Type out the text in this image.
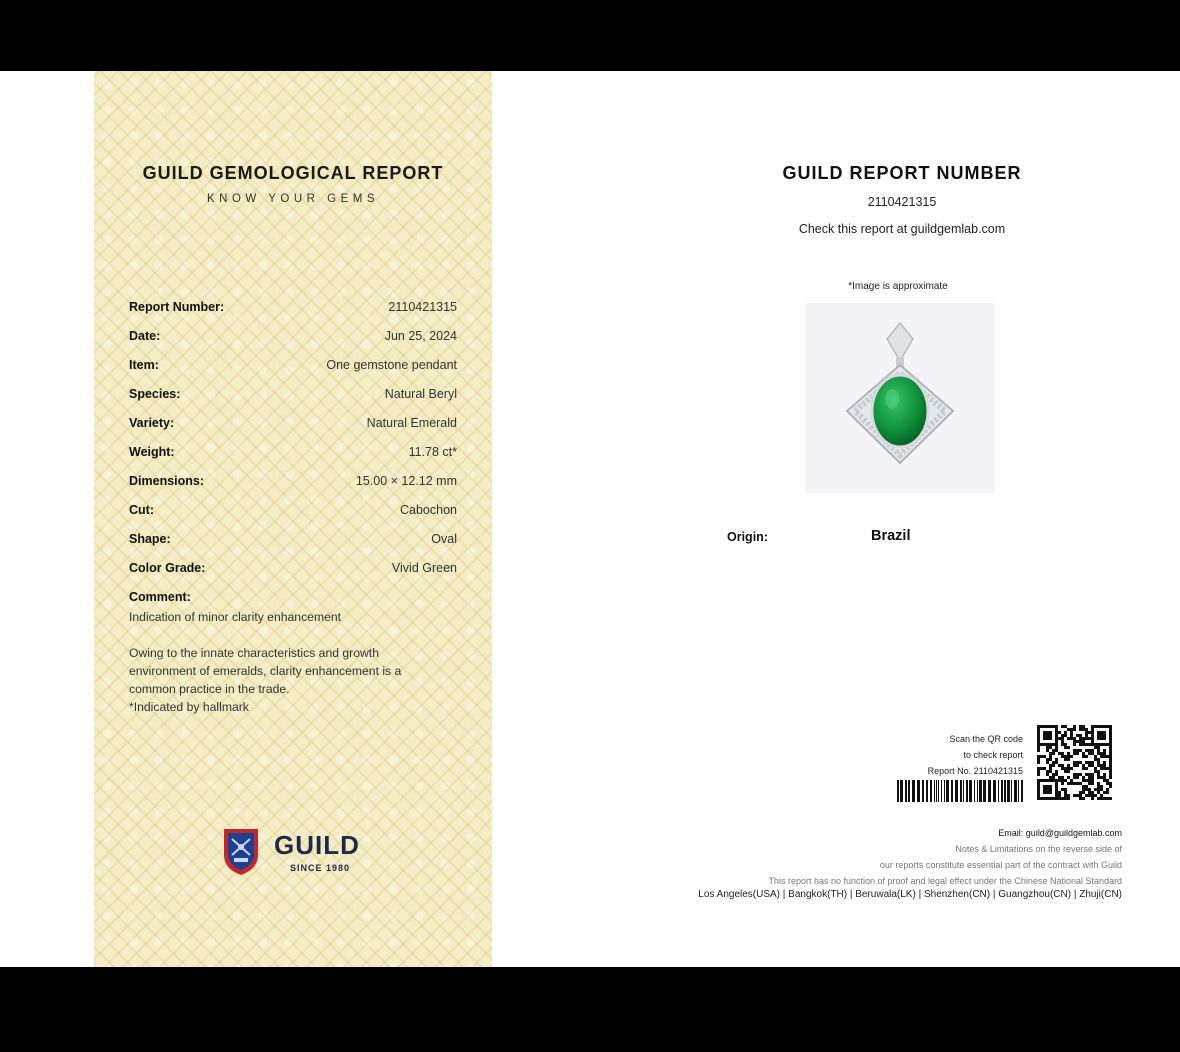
GUILD GEMOLOGICAL REPORT
KNOW YOUR GEMS
Report Number:	2110421315
Date:	Jun 25, 2024
Item:	One gemstone pendant
Species:	Natural Beryl
Variety:	Natural Emerald
Weight:	11.78 ct*
Dimensions:	15.00 × 12.12 mm
Cut:	Cabochon
Shape:	Oval
Color Grade:	Vivid Green
Comment:
Indication of minor clarity enhancement
Owing to the innate characteristics and growth
environment of emeralds, clarity enhancement is a
common practice in the trade.
*Indicated by hallmark
GUILD
SINCE 1980
GUILD REPORT NUMBER
2110421315
Check this report at guildgemlab.com
*Image is approximate
Origin:	Brazil
Scan the QR code
to check report
Report No. 2110421315
Email: guild@guildgemlab.com
Notes & Limitations on the reverse side of
our reports constitute essential part of the contract with Guild
This report has no function of proof and legal effect under the Chinese National Standard
Los Angeles(USA) | Bangkok(TH) | Beruwala(LK) | Shenzhen(CN) | Guangzhou(CN) | Zhuji(CN)
